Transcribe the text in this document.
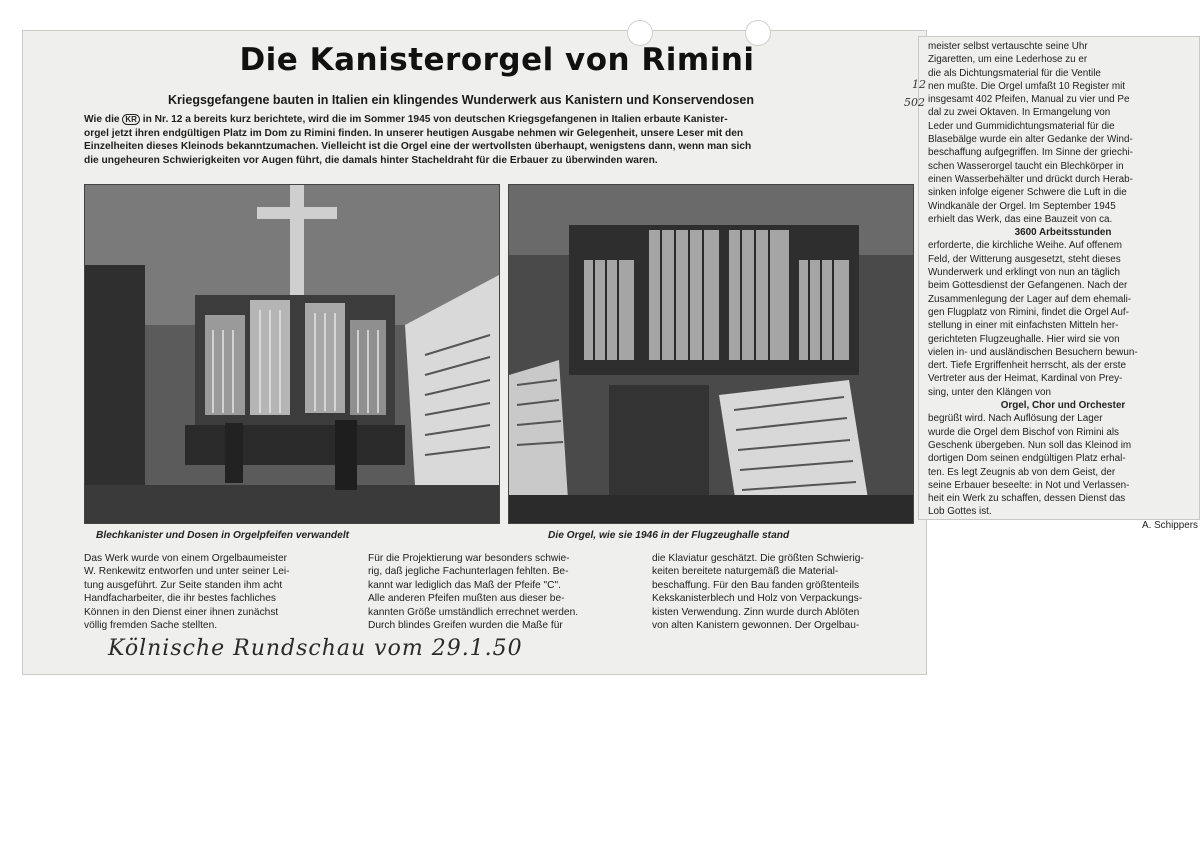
Die Kanisterorgel von Rimini
Kriegsgefangene bauten in Italien ein klingendes Wunderwerk aus Kanistern und Konservendosen
Wie die KR in Nr. 12 a bereits kurz berichtete, wird die im Sommer 1945 von deutschen Kriegsgefangenen in Italien erbaute Kanister-
orgel jetzt ihren endgültigen Platz im Dom zu Rimini finden. In unserer heutigen Ausgabe nehmen wir Gelegenheit, unsere Leser mit den
Einzelheiten dieses Kleinods bekanntzumachen. Vielleicht ist die Orgel eine der wertvollsten überhaupt, wenigstens dann, wenn man sich
die ungeheuren Schwierigkeiten vor Augen führt, die damals hinter Stacheldraht für die Erbauer zu überwinden waren.
Blechkanister und Dosen in Orgelpfeifen verwandelt	Die Orgel, wie sie 1946 in der Flugzeughalle stand
Das Werk wurde von einem Orgelbaumeister
W. Renkewitz entworfen und unter seiner Lei-
tung ausgeführt. Zur Seite standen ihm acht
Handfacharbeiter, die ihr bestes fachliches
Können in den Dienst einer ihnen zunächst
völlig fremden Sache stellten.
Für die Projektierung war besonders schwie-
rig, daß jegliche Fachunterlagen fehlten. Be-
kannt war lediglich das Maß der Pfeife "C".
Alle anderen Pfeifen mußten aus dieser be-
kannten Größe umständlich errechnet werden.
Durch blindes Greifen wurden die Maße für
die Klaviatur geschätzt. Die größten Schwierig-
keiten bereitete naturgemäß die Material-
beschaffung. Für den Bau fanden größtenteils
Kekskanisterblech und Holz von Verpackungs-
kisten Verwendung. Zinn wurde durch Ablöten
von alten Kanistern gewonnen. Der Orgelbau-
meister selbst vertauschte seine Uhr
Zigaretten, um eine Lederhose zu er
die als Dichtungsmaterial für die Ventile
nen mußte. Die Orgel umfaßt 10 Register mit
insgesamt 402 Pfeifen, Manual zu vier und Pe
dal zu zwei Oktaven. In Ermangelung von
Leder und Gummidichtungsmaterial für die
Blasebälge wurde ein alter Gedanke der Wind-
beschaffung aufgegriffen. Im Sinne der griechi-
schen Wasserorgel taucht ein Blechkörper in
einen Wasserbehälter und drückt durch Herab-
sinken infolge eigener Schwere die Luft in die
Windkanäle der Orgel. Im September 1945
erhielt das Werk, das eine Bauzeit von ca.
3600 Arbeitsstunden
erforderte, die kirchliche Weihe. Auf offenem
Feld, der Witterung ausgesetzt, steht dieses
Wunderwerk und erklingt von nun an täglich
beim Gottesdienst der Gefangenen. Nach der
Zusammenlegung der Lager auf dem ehemali-
gen Flugplatz von Rimini, findet die Orgel Auf-
stellung in einer mit einfachsten Mitteln her-
gerichteten Flugzeughalle. Hier wird sie von
vielen in- und ausländischen Besuchern bewun-
dert. Tiefe Ergriffenheit herrscht, als der erste
Vertreter aus der Heimat, Kardinal von Prey-
sing, unter den Klängen von
Orgel, Chor und Orchester
begrüßt wird. Nach Auflösung der Lager
wurde die Orgel dem Bischof von Rimini als
Geschenk übergeben. Nun soll das Kleinod im
dortigen Dom seinen endgültigen Platz erhal-
ten. Es legt Zeugnis ab von dem Geist, der
seine Erbauer beseelte: in Not und Verlassen-
heit ein Werk zu schaffen, dessen Dienst das
Lob Gottes ist.
A. Schippers
12
502
Kölnische Rundschau vom 29.1.50
